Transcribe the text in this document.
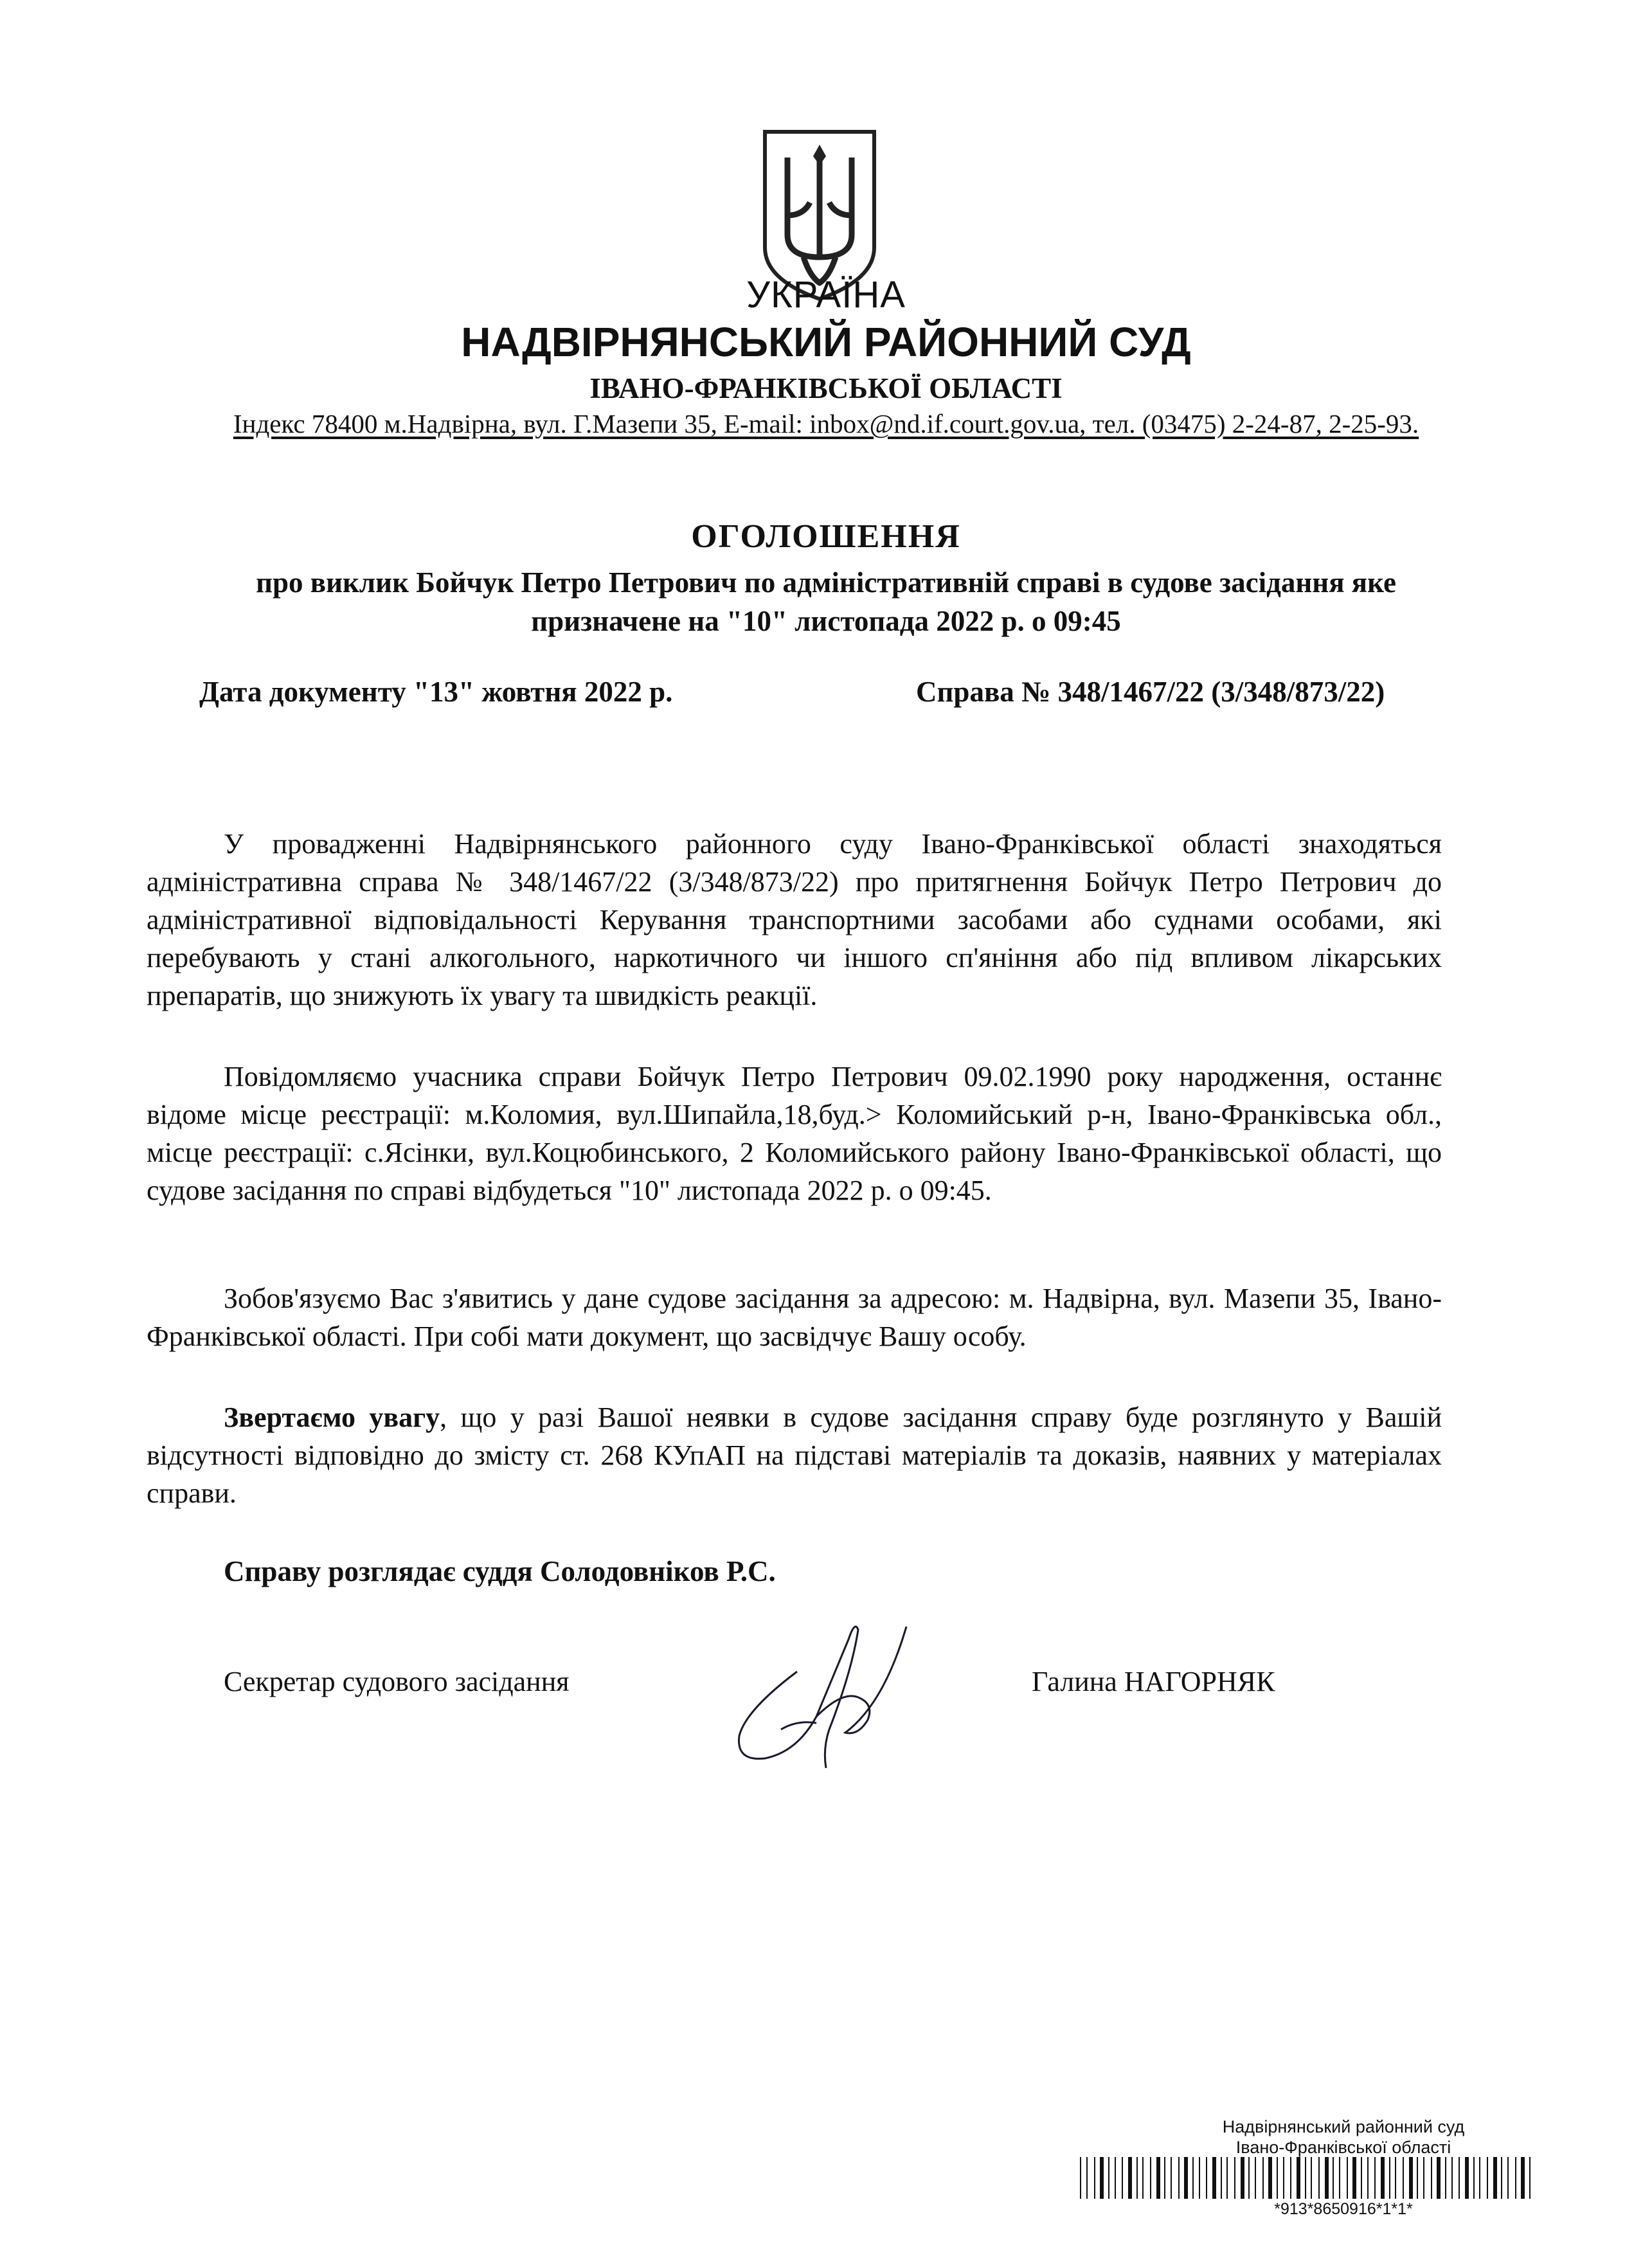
УКРАЇНА
НАДВІРНЯНСЬКИЙ РАЙОННИЙ СУД
ІВАНО-ФРАНКІВСЬКОЇ ОБЛАСТІ
Індекс 78400 м.Надвірна, вул. Г.Мазепи 35, E-mail: inbox@nd.if.court.gov.ua, тел. (03475) 2-24-87, 2-25-93.
ОГОЛОШЕННЯ
про виклик Бойчук Петро Петрович по адміністративній справі в судове засідання яке
призначене на "10" листопада 2022 р. о 09:45
Дата документу "13" жовтня 2022 р.	Справа № 348/1467/22 (3/348/873/22)
У провадженні Надвірнянського районного суду Івано-Франківської області знаходяться адміністративна справа № 348/1467/22 (3/348/873/22) про притягнення Бойчук Петро Петрович до адміністративної відповідальності Керування транспортними засобами або суднами особами, які перебувають у стані алкогольного, наркотичного чи іншого сп'яніння або під впливом лікарських препаратів, що знижують їх увагу та швидкість реакції.
Повідомляємо учасника справи Бойчук Петро Петрович 09.02.1990 року народження, останнє відоме місце реєстрації: м.Коломия, вул.Шипайла,18,буд.> Коломийський р-н, Івано-Франківська обл., місце реєстрації: с.Ясінки, вул.Коцюбинського, 2 Коломийського району Івано-Франківської області, що судове засідання по справі відбудеться "10" листопада 2022 р. о 09:45.
Зобов'язуємо Вас з'явитись у дане судове засідання за адресою: м. Надвірна, вул. Мазепи 35, Івано-Франківської області. При собі мати документ, що засвідчує Вашу особу.
Звертаємо увагу, що у разі Вашої неявки в судове засідання справу буде розглянуто у Вашій відсутності відповідно до змісту ст. 268 КУпАП на підставі матеріалів та доказів, наявних у матеріалах справи.
Справу розглядає суддя Солодовніков Р.С.
Секретар судового засідання	Галина НАГОРНЯК
Надвірнянський районний суд
Івано-Франківської області
*913*8650916*1*1*
